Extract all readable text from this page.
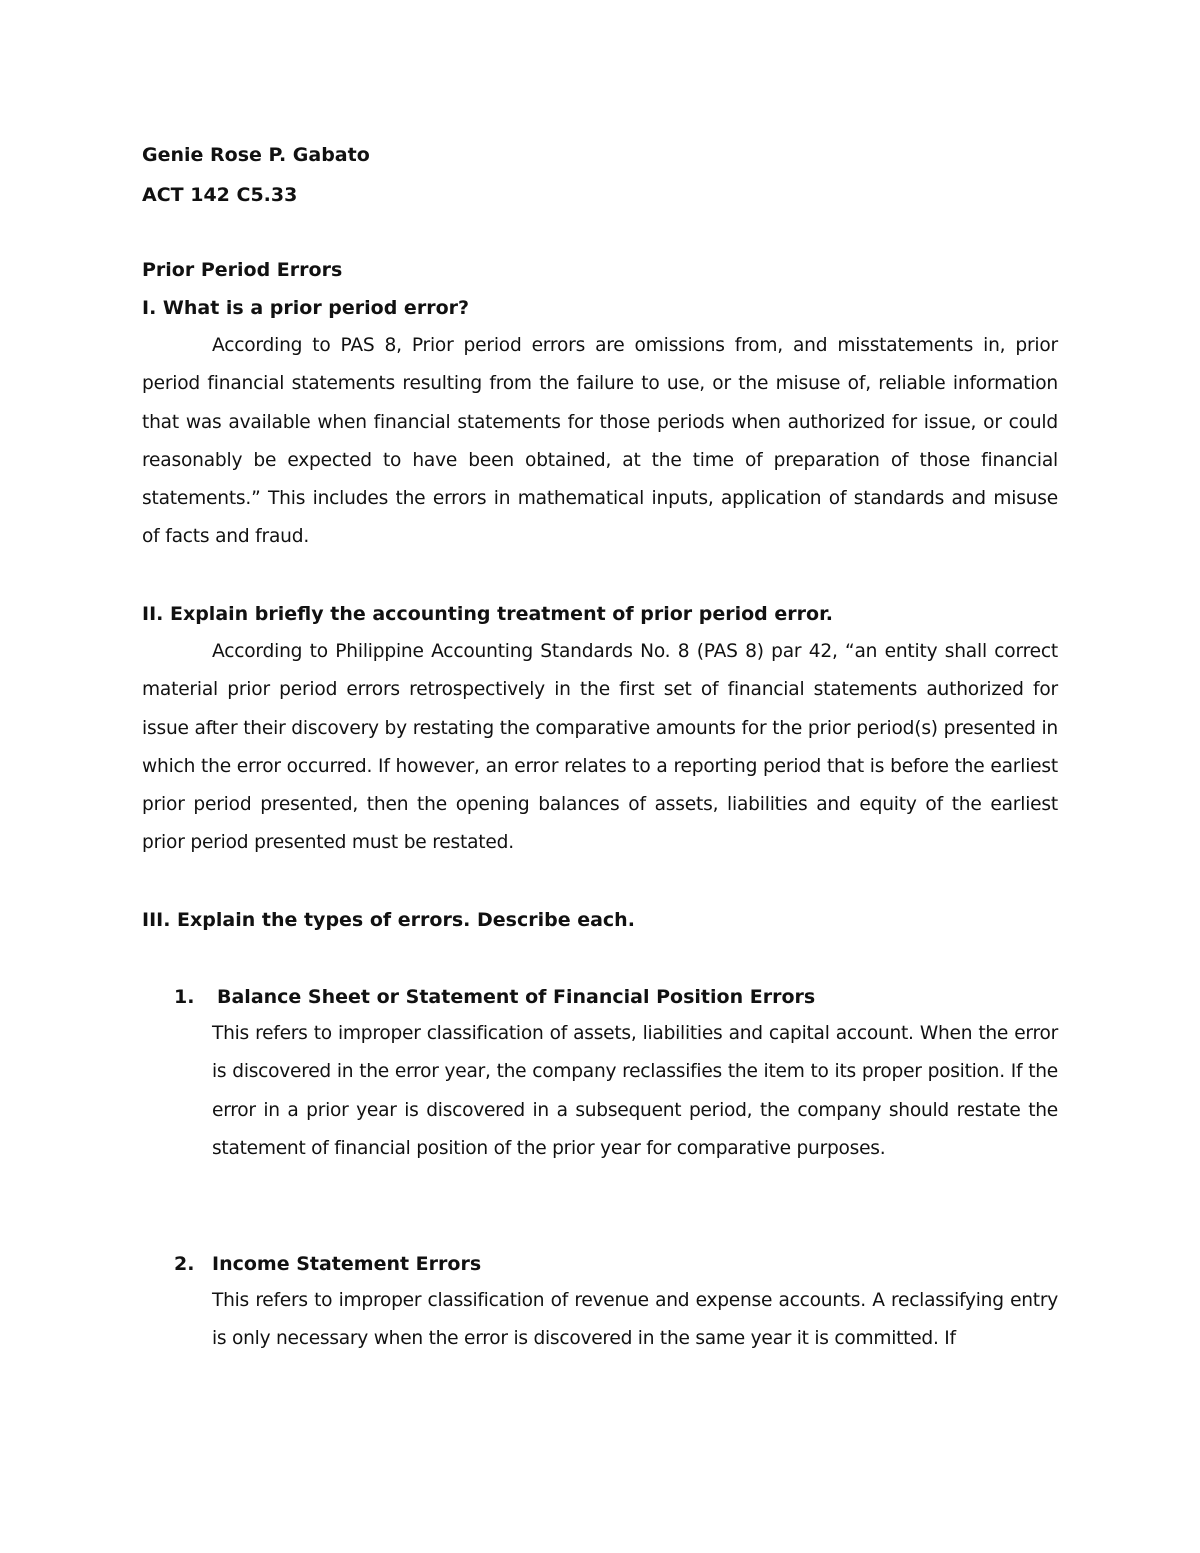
Genie Rose P. Gabato
ACT 142 C5.33
Prior Period Errors
I. What is a prior period error?

According to PAS 8, Prior period errors are omissions from, and misstatements in, prior period financial statements resulting from the failure to use, or the misuse of, reliable information that was available when financial statements for those periods when authorized for issue, or could reasonably be expected to have been obtained, at the time of preparation of those financial statements.” This includes the errors in mathematical inputs, application of standards and misuse of facts and fraud.

II. Explain briefly the accounting treatment of prior period error.

According to Philippine Accounting Standards No. 8 (PAS 8) par 42, “an entity shall correct material prior period errors retrospectively in the first set of financial statements authorized for issue after their discovery by restating the comparative amounts for the prior period(s) presented in which the error occurred. If however, an error relates to a reporting period that is before the earliest prior period presented, then the opening balances of assets, liabilities and equity of the earliest prior period presented must be restated.

III. Explain the types of errors. Describe each.
1. Balance Sheet or Statement of Financial Position Errors

This refers to improper classification of assets, liabilities and capital account. When the error is discovered in the error year, the company reclassifies the item to its proper position. If the error in a prior year is discovered in a subsequent period, the company should restate the statement of financial position of the prior year for comparative purposes.

2. Income Statement Errors

This refers to improper classification of revenue and expense accounts. A reclassifying entry is only necessary when the error is discovered in the same year it is committed. If
